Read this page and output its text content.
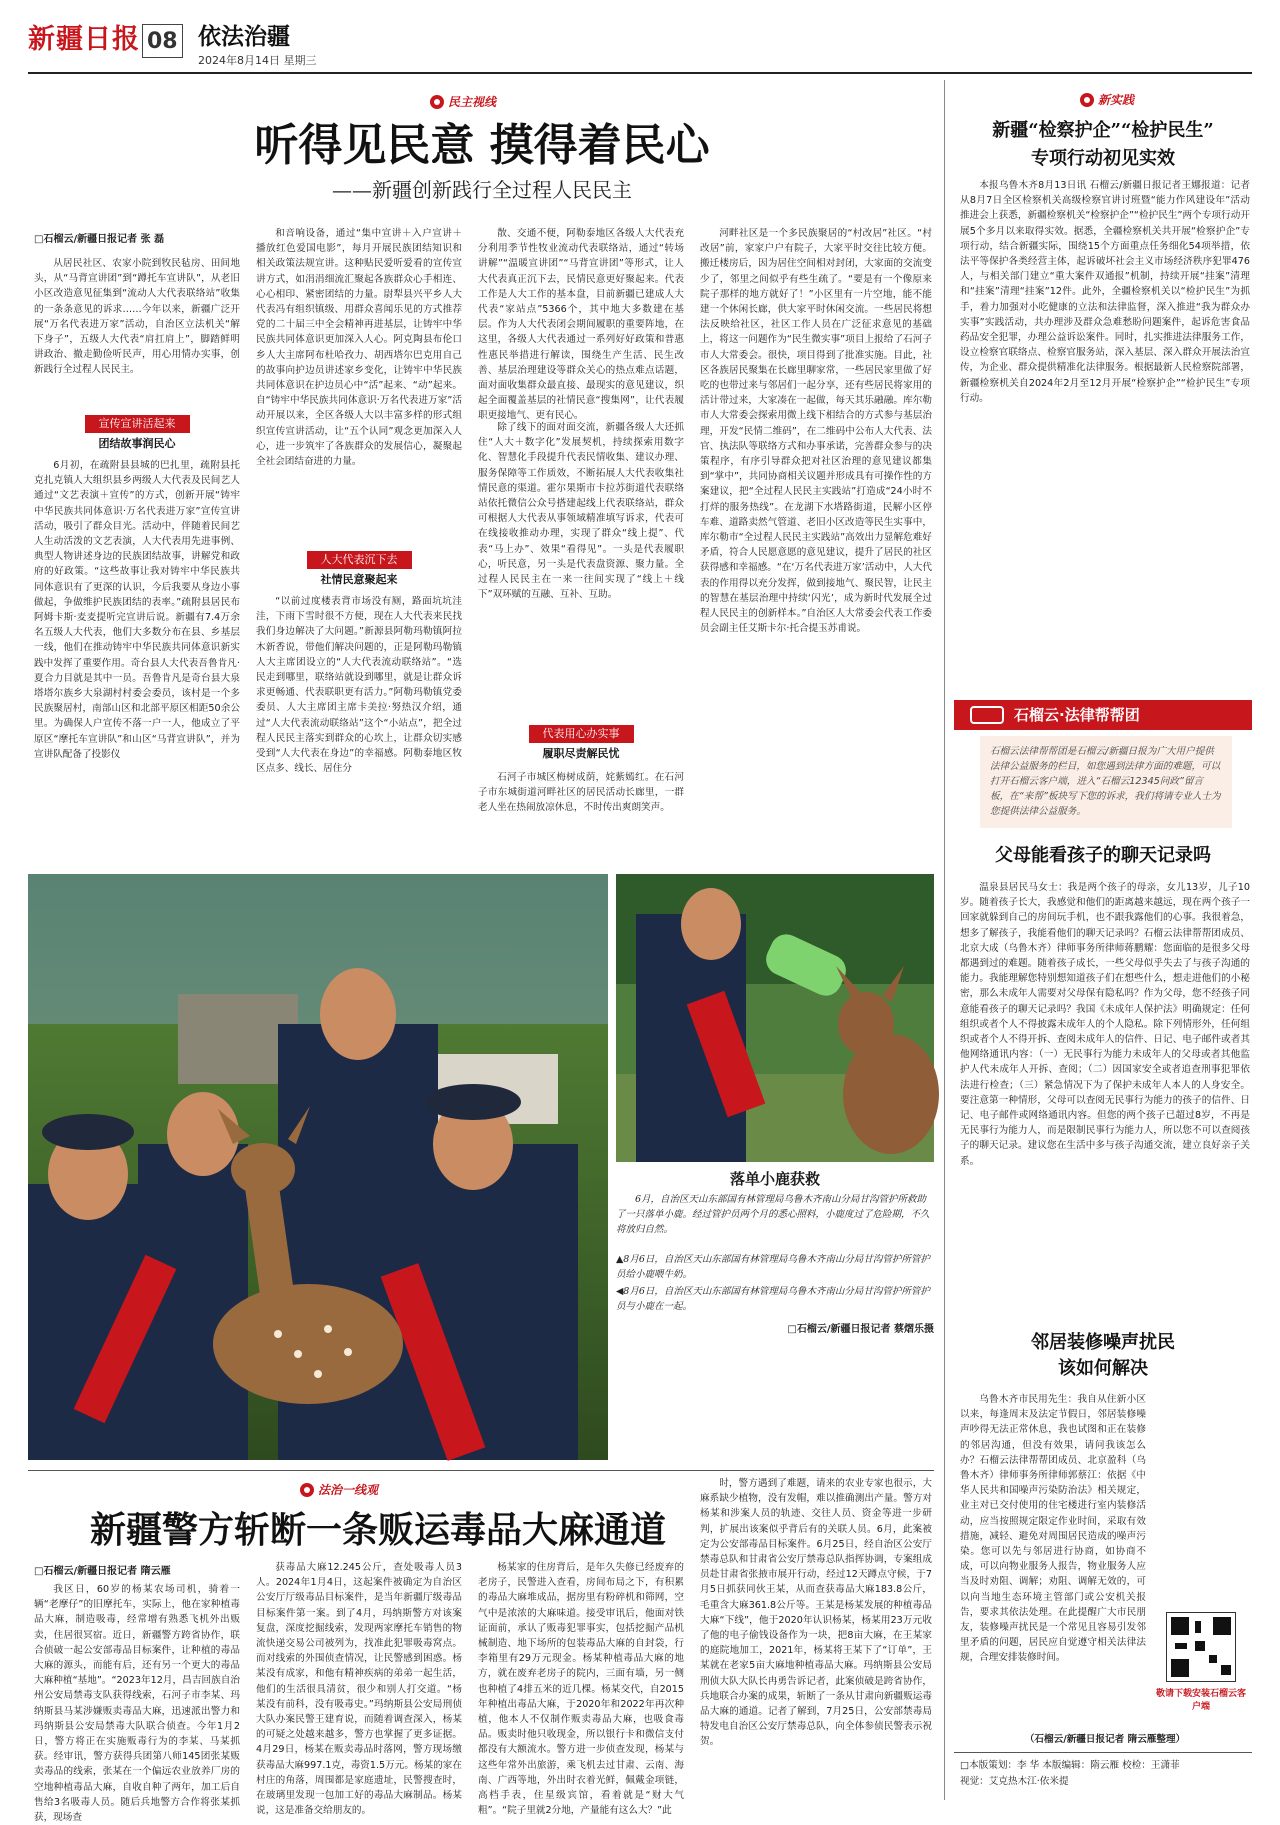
新疆日报 08 依法治疆
2024年8月14日 星期三
民主视线
听得见民意 摸得着民心
——新疆创新践行全过程人民民主
□石榴云/新疆日报记者 张 磊

从居民社区、农家小院到牧民毡房、田间地头，从“马背宣讲团”到“蹲托车宣讲队”，从老旧小区改造意见征集到“流动人大代表联络站”收集的一条条意见的诉求……今年以来，新疆广泛开展“万名代表进万家”活动，自治区立法机关“解下身子”，五级人大代表“肩扛肩上”，脚踏鲜明讲政治、撤走勤俭听民声，用心用情办实事，创新践行全过程人民民主。

宣传宣讲活起来
团结故事润民心

6月初，在疏附县县城的巴扎里，疏附县托克扎克镇人大组织县乡两级人大代表及民间艺人通过“文艺表演＋宣传”的方式，创新开展“铸牢中华民族共同体意识·万名代表进万家”宣传宣讲活动，吸引了群众目光。活动中，伴随着民间艺人生动活泼的文艺表演，人大代表用先进事例、典型人物讲述身边的民族团结故事，讲解党和政府的好政策。“这些故事让我对铸牢中华民族共同体意识有了更深的认识，今后我要从身边小事做起，争做维护民族团结的表率。”疏附县居民布阿姆卡斯·麦麦提听完宣讲后说。新疆有7.4万余名五级人大代表，他们大多数分布在县、乡基层一线，他们在推动铸牢中华民族共同体意识新实践中发挥了重要作用。奇台县人大代表吾鲁肯凡·夏合力目就是其中一员。吾鲁肯凡是奇台县大泉塔塔尔族乡大泉湖村村委会委员，该村是一个多民族聚居村，南部山区和北部平原区相距50余公里。为确保人户宣传不落一户一人，他成立了平原区“摩托车宣讲队”和山区“马背宣讲队”，并为宣讲队配备了投影仪

和音响设备，通过“集中宣讲＋入户宣讲＋播放红色爱国电影”，每月开展民族团结知识和相关政策法规宣讲。这种贴民爱听爱看的宣传宣讲方式，如涓涓细流汇聚起各族群众心手相连、心心相印、紧密团结的力量。尉犁县兴平乡人大代表冯有组织镇级、用群众喜闻乐见的方式推荐党的二十届三中全会精神再进基层，让铸牢中华民族共同体意识更加深入人心。阿克陶县布伦口乡人大主席阿布杜哈孜力、胡西塔尔巴克用自己的故事向护边员讲述家乡变化，让铸牢中华民族共同体意识在护边员心中“活”起来、“动”起来。自“铸牢中华民族共同体意识·万名代表进万家”活动开展以来，全区各级人大以丰富多样的形式组织宣传宣讲活动，让“五个认同”观念更加深入人心，进一步筑牢了各族群众的发展信心，凝聚起全社会团结奋进的力量。

人大代表沉下去
社情民意聚起来

“以前过度楼表背市场没有厕，路面坑坑洼洼，下雨下雪时很不方便，现在人大代表来民找我们身边解决了大问题。”新源县阿勒玛勒镇阿拉木新香说，带他们解决问题的，正是阿勒玛勒镇人大主席团设立的“人大代表流动联络站”。“选民走到哪里，联络站就设到哪里，就是让群众诉求更畅通、代表联职更有活力。”阿勒玛勒镇党委委员、人大主席团主席卡美拉·努热汉介绍，通过“人大代表流动联络站”这个“小站点”，把全过程人民民主落实到群众的心坎上，让群众切实感受到“人大代表在身边”的幸福感。阿勒泰地区牧区点多、线长、居住分

散、交通不便，阿勒泰地区各级人大代表充分利用季节性牧业流动代表联络站，通过“转场讲解”“温暖宣讲团”“马背宣讲团”等形式，让人大代表真正沉下去，民情民意更好聚起来。代表工作是人大工作的基本盘，目前新疆已建成人大代表“家站点”5366个，其中地大多数建在基层。作为人大代表闭会期间履职的重要阵地，在这里，各级人大代表通过一系列好好政策和普惠性惠民举措进行解读，围绕生产生活、民生改善、基层治理建设等群众关心的热点难点话题，面对面收集群众最直接、最现实的意见建议，织起全面覆盖基层的社情民意“搜集网”，让代表履职更接地气、更有民心。

除了线下的面对面交流，新疆各级人大还抓住“人大＋数字化”发展契机，持续探索用数字化、智慧化手段提升代表民情收集、建议办理、服务保障等工作质效，不断拓展人大代表收集社情民意的渠道。霍尔果斯市卡拉苏街道代表联络站依托微信公众号搭建起线上代表联络站，群众可根据人大代表从事领域精准填写诉求，代表可在线接收推动办理，实现了群众“线上提”、代表“马上办”、效果“看得见”。一头是代表履职心，听民意，另一头是代表盘资源、聚力量。全过程人民民主在一来一往间实现了“线上＋线下”双环赋的互融、互补、互助。

代表用心办实事
履职尽责解民忧

石河子市城区梅树成荫，姹紫嫣红。在石河子市东城街道河畔社区的居民活动长廊里，一群老人坐在热闹放凉休息，不时传出爽朗笑声。

河畔社区是一个多民族聚居的“村改居”社区。“村改居”前，家家户户有院子，大家平时交往比较方便。搬迁楼房后，因为居住空间相对封闭，大家面的交流变少了，邻里之间似乎有些生疏了。“要是有一个像原来院子那样的地方就好了！”小区里有一片空地，能不能建一个休闲长廊，供大家平时休闲交流。一些居民将想法反映给社区，社区工作人员在广泛征求意见的基础上，将这一问题作为“民生微实事”项目上报给了石河子市人大常委会。很快，项目得到了批准实施。目此，社区各族居民聚集在长廊里聊家常，一些居民家里做了好吃的也带过来与邻居们一起分享，还有些居民将家用的活计带过来，大家凑在一起做，每天其乐融融。库尔勒市人大常委会探索用微上线下相结合的方式参与基层治理，开发“民情二维码”，在二维码中公布人大代表、法官、执法队等联络方式和办事承诺，完善群众参与的决策程序，有序引导群众把对社区治理的意见建议都集到“掌中”，共同协商相关议题并形成具有可操作性的方案建议，把“全过程人民民主实践站”打造成“24小时不打烊的服务热线”。在龙湖下水塔路街道，民解小区停车难、道路卖然气管道、老旧小区改造等民生实事中，库尔勒市“全过程人民民主实践站”高效出力显解危难好矛盾，符合人民愿意愿的意见建议，提升了居民的社区获得感和幸福感。“在‘万名代表进万家’活动中，人大代表的作用得以充分发挥，做到接地气、聚民智，让民主的智慧在基层治理中持续‘闪光’，成为新时代发展全过程人民民主的创新样本。”自治区人大常委会代表工作委员会副主任艾斯卡尔·托合提玉苏甫说。

落单小鹿获救
6月，自治区天山东部国有林管理局乌鲁木齐南山分局甘沟管护所救助了一只落单小鹿。经过管护员两个月的悉心照料，小鹿度过了危险期，不久将放归自然。
▲8月6日，自治区天山东部国有林管理局乌鲁木齐南山分局甘沟管护所管护员给小鹿喂牛奶。
◀8月6日，自治区天山东部国有林管理局乌鲁木齐南山分局甘沟管护所管护员与小鹿在一起。
□石榴云/新疆日报记者 蔡熠乐摄
法治一线观
新疆警方斩断一条贩运毒品大麻通道
□石榴云/新疆日报记者 隋云雁

我区日，60岁的杨某农场司机，骑着一辆“老摩仔”的旧摩托车，实际上，他在家种植毒品大麻，制造吸毒，经常增有熟悉飞机外出贩卖，住居很冥宿。近日，新疆警方跨省协作，联合侦破一起公安部毒品目标案件，让种植的毒品大麻的源头，而能有后，还有另一个更大的毒品大麻种植“基地”。“2023年12月，昌吉回族自治州公安局禁毒支队获得线索，石河子市李某、玛纳斯县马某涉嫌贩卖毒品大麻，迅速派出警力和玛纳斯县公安局禁毒大队联合侦查。今年1月2日，警方将正在实施贩毒行为的李某、马某抓获。经审讯，警方获得兵团第八师145团张某贩卖毒品的线索，张某在一个偏远农业放养厂房的空地种植毒品大麻，自收自种了两年，加工后自售给3名吸毒人员。随后兵地警方合作将张某抓获，现场查

获毒品大麻12.245公斤，查处吸毒人员3人。2024年1月4日，这起案件被确定为自治区公安厅厅级毒品目标案件，是当年新疆厅级毒品目标案件第一案。到了4月，玛纳斯警方对该案复盘，深度挖掘线索，发现两家摩托车销售的物流快递交易公司被列为，找准此犯罪吸毒窝点。而对线索的外围侦查情况，让民警感到困惑。杨某没有成家，和他有精神疾病的弟弟一起生活，他们的生活很具清贫，很少和别人打交道。“杨某没有前科，没有吸毒史。”玛纳斯县公安局刑侦大队办案民警王建育说，而随着调查深入，杨某的可疑之处越来越多，警方也掌握了更多证据。4月29日，杨某在贩卖毒品时落网，警方现场缴获毒品大麻997.1克，毒资1.5万元。杨某的家在村庄的角落，周围都是家庭遗址，民警搜查时，在玻璃里发现一包加工好的毒品大麻制品。杨某说，这是准备交给朋友的。

杨某家的住房背后，是年久失修已经废弃的老房子，民警进入查看，房间布局之下，有积累的毒品大麻堆成品，据房里有粉碎机和筛网，空气中是浓浓的大麻味道。接受审讯后，他面对铁证面前，承认了贩毒犯罪事实，包括挖掘产品机械制造、地下场所的包装毒品大麻的自封袋，行李箱里有29万元现金。杨某种植毒品大麻的地方，就在废弃老房子的院内，三面有墙，另一侧也种植了4排五米的近几棵。杨某交代，自2015年种植出毒品大麻，于2020年和2022年再次种植，他本人不仅制作贩卖毒品大麻，也吸食毒品。贩卖时他只收现金，所以银行卡和微信支付都没有大额流水。警方进一步侦查发现，杨某与这些年常外出旅游，乘飞机去过甘肃、云南、海南、广西等地，外出时衣着光鲜，佩戴金项链，高档手表，住星级宾馆，看着就是“财大气粗”。“院子里就2分地，产量能有这么大？”此

时，警方遇到了难题，请来的农业专家也很示，大麻系缺少植物，没有发帽，难以推确测出产量。警方对杨某和涉案人员的轨迹、交往人员、资金等进一步研判，扩展出该案似乎背后有的关联人员。6月，此案被定为公安部毒品目标案件。6月25日，经自治区公安厅禁毒总队和甘肃省公安厅禁毒总队指挥协调，专案组成员赴甘肃省张掖市展开行动，经过12天蹲点守候，于7月5日抓获同伙王某，从而查获毒品大麻183.8公斤，毛重含大麻361.8公斤等。王某是杨某发展的种植毒品大麻“下线”，他于2020年认识杨某，杨某用23万元收了他的电子偷钱设备作为一块，把8亩大麻，在王某家的庭院地加工，2021年，杨某将王某下了“订单”，王某就在老家5亩大麻地种植毒品大麻。玛纳斯县公安局刑侦大队大队长冉勇告诉记者，此案侦破是跨省协作，兵地联合办案的成果，斩断了一条从甘肃向新疆贩运毒品大麻的通道。记者了解到，7月25日，公安部禁毒局特发电自治区公安厅禁毒总队，向全体参侦民警表示祝贺。

新实践
新疆“检察护企”“检护民生”
专项行动初见实效

本报乌鲁木齐8月13日讯 石榴云/新疆日报记者王娜报道：记者从8月7日全区检察机关高级检察官讲讨班暨“能力作风建设年”活动推进会上获悉，新疆检察机关“检察护企”“检护民生”两个专项行动开展5个多月以来取得实效。据悉，全疆检察机关共开展“检察护企”专项行动，结合新疆实际，围绕15个方面重点任务细化54项举措，依法平等保护各类经营主体，起诉破坏社会主义市场经济秩序犯罪476人，与相关部门建立“重大案件双通报”机制，持续开展“挂案”清理和“挂案”清理“挂案”12件。此外，全疆检察机关以“检护民生”为抓手，着力加强对小吃健康的立法和法律监督，深入推进“我为群众办实事”实践活动，共办理涉及群众急难愁盼问题案件，起诉危害食品药品安全犯罪，办理公益诉讼案件。同时，扎实推进法律服务工作，设立检察官联络点、检察官服务站，深入基层、深入群众开展法治宣传，为企业、群众提供精准化法律服务。根据最新人民检察院部署，新疆检察机关自2024年2月至12月开展“检察护企”“检护民生”专项行动。

石榴云·法律帮帮团
石榴云法律帮帮团是石榴云/新疆日报为广大用户提供法律公益服务的栏目，如您遇到法律方面的难题，可以打开石榴云客户端，进入“石榴云12345问政”留言板，在“来帮”板块写下您的诉求，我们将请专业人士为您提供法律公益服务。
父母能看孩子的聊天记录吗

温泉县居民马女士：我是两个孩子的母亲，女儿13岁，儿子10岁。随着孩子长大，我感觉和他们的距离越来越远，现在两个孩子一回家就躲到自己的房间玩手机，也不跟我露他们的心事。我很着急，想多了解孩子，我能看他们的聊天记录吗？石榴云法律帮帮团成员、北京大成（乌鲁木齐）律师事务所律师蒋鹏耀：您面临的是很多父母都遇到过的难题。随着孩子成长，一些父母似乎失去了与孩子沟通的能力。我能理解您特别想知道孩子们在想些什么，想走进他们的小秘密，那么未成年人需要对父母保有隐私吗？作为父母，您不经孩子同意能看孩子的聊天记录吗？我国《未成年人保护法》明确规定：任何组织或者个人不得披露未成年人的个人隐私。除下列情形外，任何组织或者个人不得开拆、查阅未成年人的信件、日记、电子邮件或者其他网络通讯内容：（一）无民事行为能力未成年人的父母或者其他监护人代未成年人开拆、查阅；（二）因国家安全或者追查刑事犯罪依法进行检查；（三）紧急情况下为了保护未成年人本人的人身安全。要注意第一种情形，父母可以查阅无民事行为能力的孩子的信件、日记、电子邮件或网络通讯内容。但您的两个孩子已超过8岁，不再是无民事行为能力人，而是限制民事行为能力人，所以您不可以查阅孩子的聊天记录。建议您在生活中多与孩子沟通交流，建立良好亲子关系。

邻居装修噪声扰民
该如何解决

乌鲁木齐市民用先生：我自从住新小区以来，每逢周末及法定节假日，邻居装修噪声吵得无法正常休息，我也试图和正在装修的邻居沟通，但没有效果，请问我该怎么办？石榴云法律帮帮团成员、北京盈科（乌鲁木齐）律师事务所律师郭蔡江：依据《中华人民共和国噪声污染防治法》相关规定，业主对已交付使用的住宅楼进行室内装修活动，应当按照规定限定作业时间，采取有效措施，减轻、避免对周围居民造成的噪声污染。您可以先与邻居进行协商，如协商不成，可以向物业服务人报告，物业服务人应当及时劝阻、调解；劝阻、调解无效的，可以向当地生态环境主管部门或公安机关报告，要求其依法处理。在此提醒广大市民朋友，装修噪声扰民是一个常见且容易引发邻里矛盾的问题，居民应自觉遵守相关法律法规，合理安排装修时间。

（石榴云/新疆日报记者 隋云雁整理）
敬请下载安装石榴云客户端
□本版策划：李 华 本版编辑：隋云雁 校检：王潇菲
视觉：艾克热木江·依米提
